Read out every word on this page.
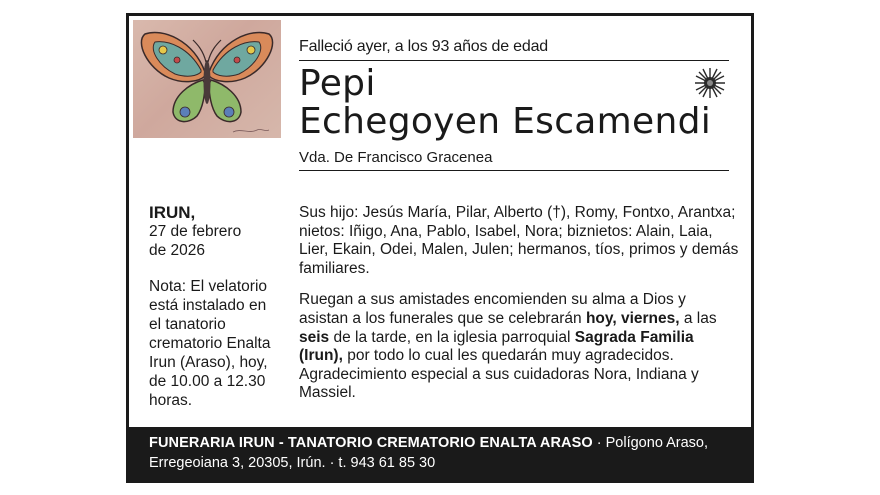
Falleció ayer, a los 93 años de edad
Pepi
Echegoyen Escamendi
Vda. De Francisco Gracenea
IRUN,
27 de febrero
de 2026
Nota: El velatorio está instalado en el tanatorio crematorio Enalta Irun (Araso), hoy, de 10.00 a 12.30 horas.

Sus hijo: Jesús María, Pilar, Alberto (†), Romy, Fontxo, Arantxa; nietos: Iñigo, Ana, Pablo, Isabel, Nora; biznietos: Alain, Laia, Lier, Ekain, Odei, Malen, Julen; hermanos, tíos, primos y demás familiares.

Ruegan a sus amistades encomienden su alma a Dios y asistan a los funerales que se celebrarán hoy, viernes, a las seis de la tarde, en la iglesia parroquial Sagrada Familia (Irun), por todo lo cual les quedarán muy agradecidos.
Agradecimiento especial a sus cuidadoras Nora, Indiana y Massiel.

FUNERARIA IRUN - TANATORIO CREMATORIO ENALTA ARASO · Polígono Araso, Erregeoiana 3, 20305, Irún. · t. 943 61 85 30
